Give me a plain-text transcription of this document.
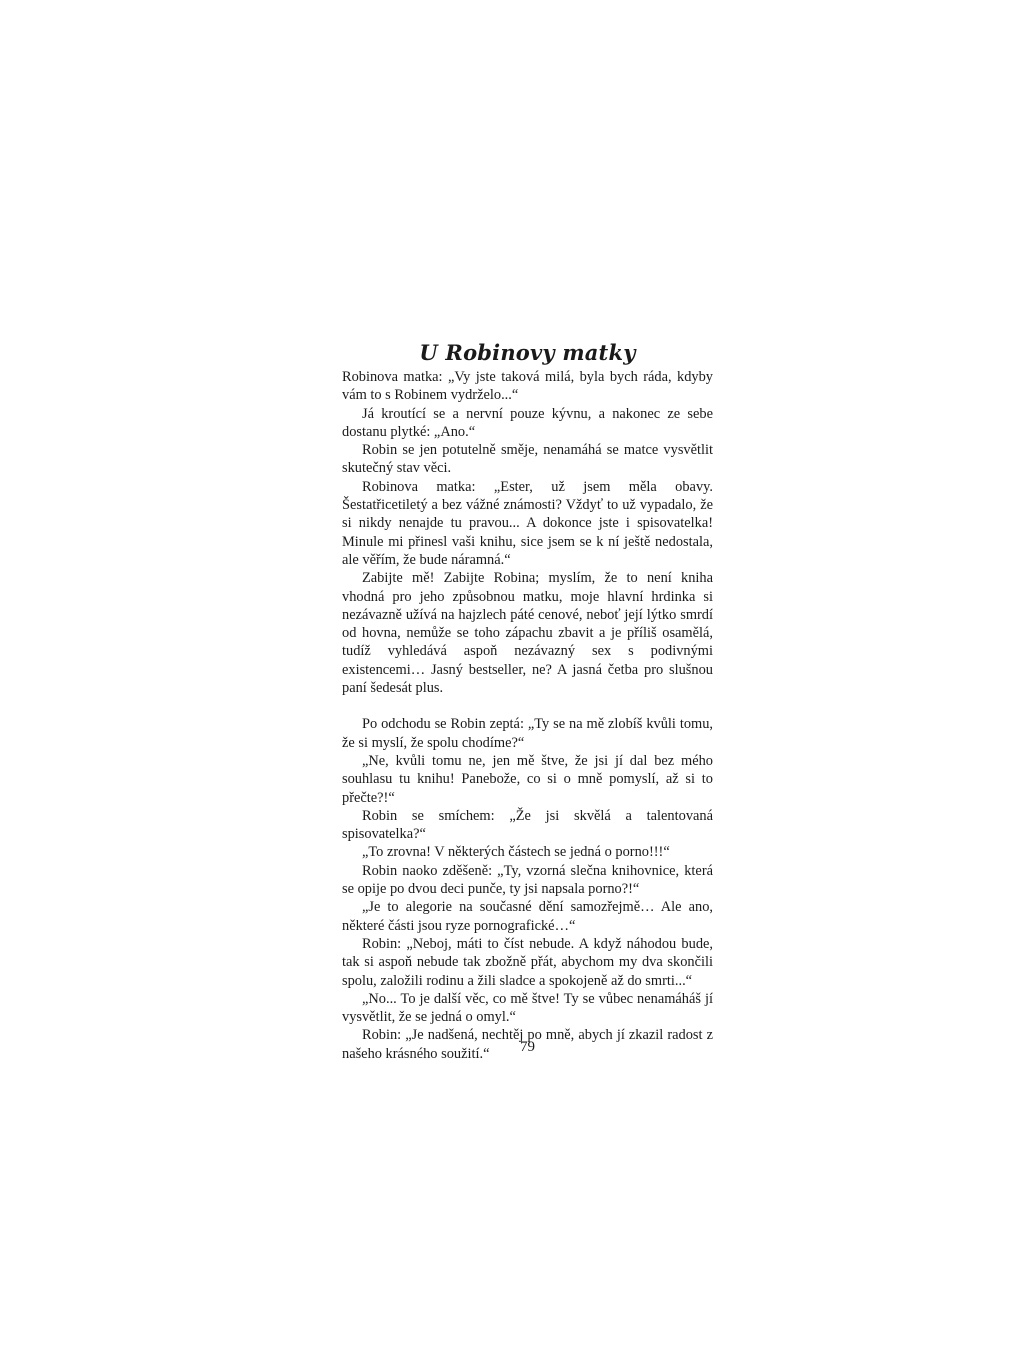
U Robinovy matky

Robinova matka: „Vy jste taková milá, byla bych ráda, kdyby vám to s Robinem vydrželo...“

Já kroutící se a nervní pouze kývnu, a nakonec ze sebe dostanu plytké: „Ano.“

Robin se jen potutelně směje, nenamáhá se matce vysvětlit skutečný stav věci.

Robinova matka: „Ester, už jsem měla obavy. Šestatřicetiletý a bez vážné známosti? Vždyť to už vypadalo, že si nikdy nenajde tu pravou... A dokonce jste i spisovatelka! Minule mi přinesl vaši knihu, sice jsem se k ní ještě nedostala, ale věřím, že bude náramná.“

Zabijte mě! Zabijte Robina; myslím, že to není kniha vhodná pro jeho způsobnou matku, moje hlavní hrdinka si nezávazně užívá na hajzlech páté cenové, neboť její lýtko smrdí od hovna, nemůže se toho zápachu zbavit a je příliš osamělá, tudíž vyhledává aspoň nezávazný sex s podivnými existencemi… Jasný bestseller, ne? A jasná četba pro slušnou paní šedesát plus.

Po odchodu se Robin zeptá: „Ty se na mě zlobíš kvůli tomu, že si myslí, že spolu chodíme?“

„Ne, kvůli tomu ne, jen mě štve, že jsi jí dal bez mého souhlasu tu knihu! Panebože, co si o mně pomyslí, až si to přečte?!“

Robin se smíchem: „Že jsi skvělá a talentovaná spisovatelka?“

„To zrovna! V některých částech se jedná o porno!!!“

Robin naoko zděšeně: „Ty, vzorná slečna knihovnice, která se opije po dvou deci punče, ty jsi napsala porno?!“

„Je to alegorie na současné dění samozřejmě… Ale ano, některé části jsou ryze pornografické…“

Robin: „Neboj, máti to číst nebude. A když náhodou bude, tak si aspoň nebude tak zbožně přát, abychom my dva skončili spolu, založili rodinu a žili sladce a spokojeně až do smrti...“

„No... To je další věc, co mě štve! Ty se vůbec nenamáháš jí vysvětlit, že se jedná o omyl.“

Robin: „Je nadšená, nechtěj po mně, abych jí zkazil radost z našeho krásného soužití.“	79
